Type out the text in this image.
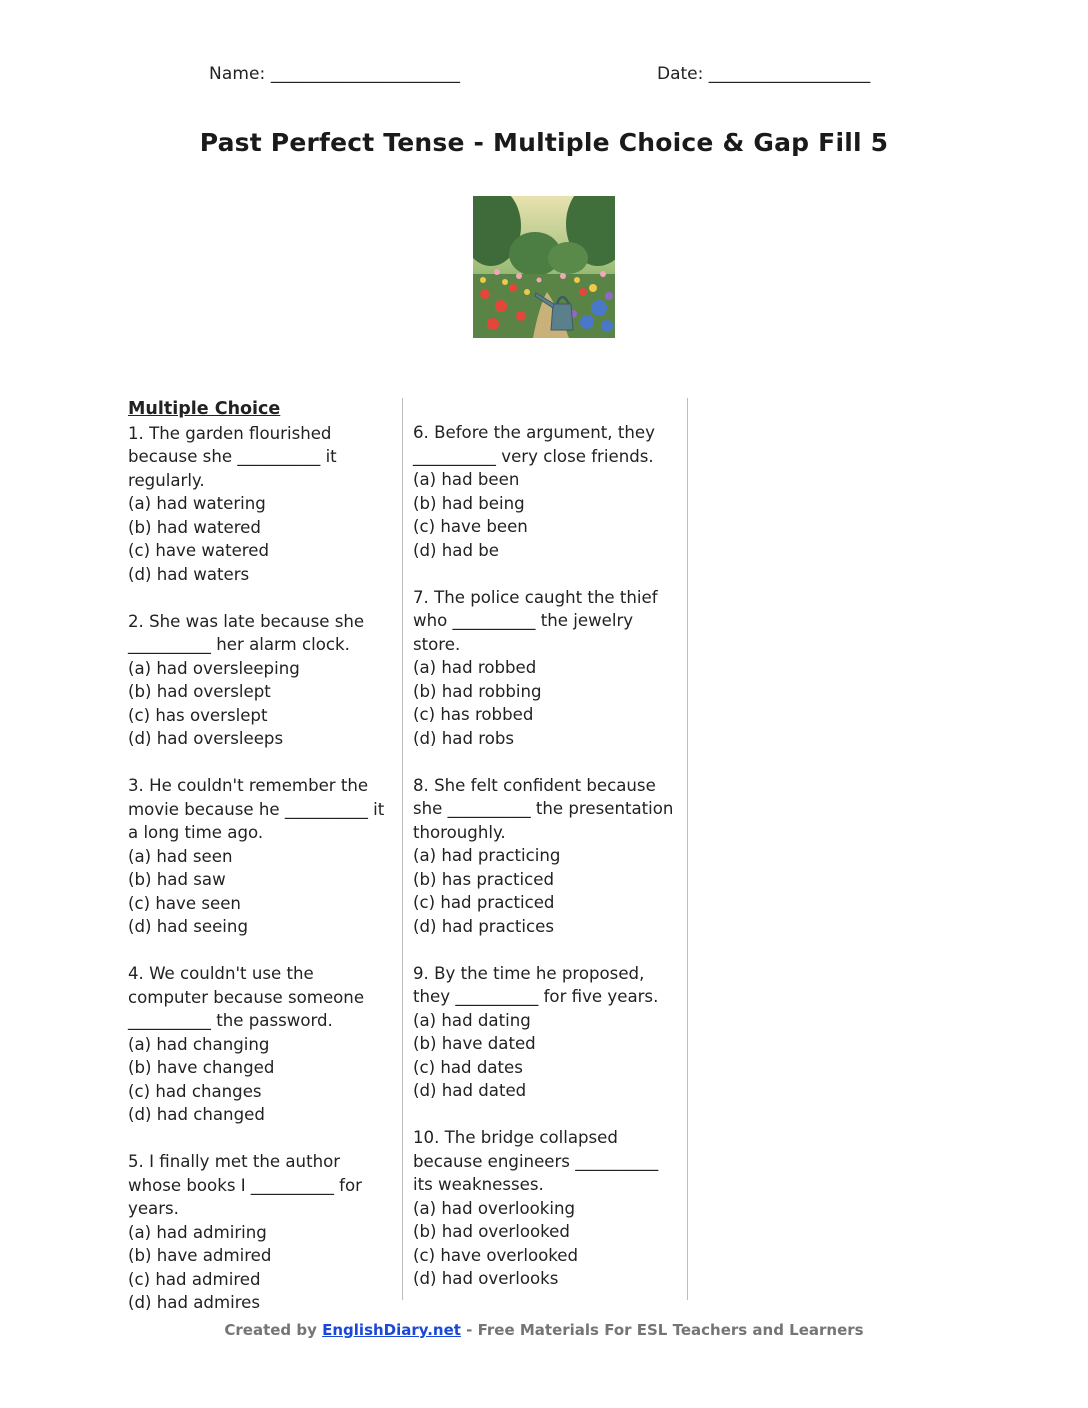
Name: ______________________	Date: ___________________
Past Perfect Tense - Multiple Choice & Gap Fill 5
Multiple Choice
1. The garden flourished because she __________ it regularly.
(a) had watering
(b) had watered
(c) have watered
(d) had waters
2. She was late because she __________ her alarm clock.
(a) had oversleeping
(b) had overslept
(c) has overslept
(d) had oversleeps
3. He couldn't remember the movie because he __________ it a long time ago.
(a) had seen
(b) had saw
(c) have seen
(d) had seeing
4. We couldn't use the computer because someone __________ the password.
(a) had changing
(b) have changed
(c) had changes
(d) had changed
5. I finally met the author whose books I __________ for years.
(a) had admiring
(b) have admired
(c) had admired
(d) had admires
6. Before the argument, they __________ very close friends.
(a) had been
(b) had being
(c) have been
(d) had be
7. The police caught the thief who __________ the jewelry store.
(a) had robbed
(b) had robbing
(c) has robbed
(d) had robs
8. She felt confident because she __________ the presentation thoroughly.
(a) had practicing
(b) has practiced
(c) had practiced
(d) had practices
9. By the time he proposed, they __________ for five years.
(a) had dating
(b) have dated
(c) had dates
(d) had dated
10. The bridge collapsed because engineers __________ its weaknesses.
(a) had overlooking
(b) had overlooked
(c) have overlooked
(d) had overlooks
Created by EnglishDiary.net - Free Materials For ESL Teachers and Learners
